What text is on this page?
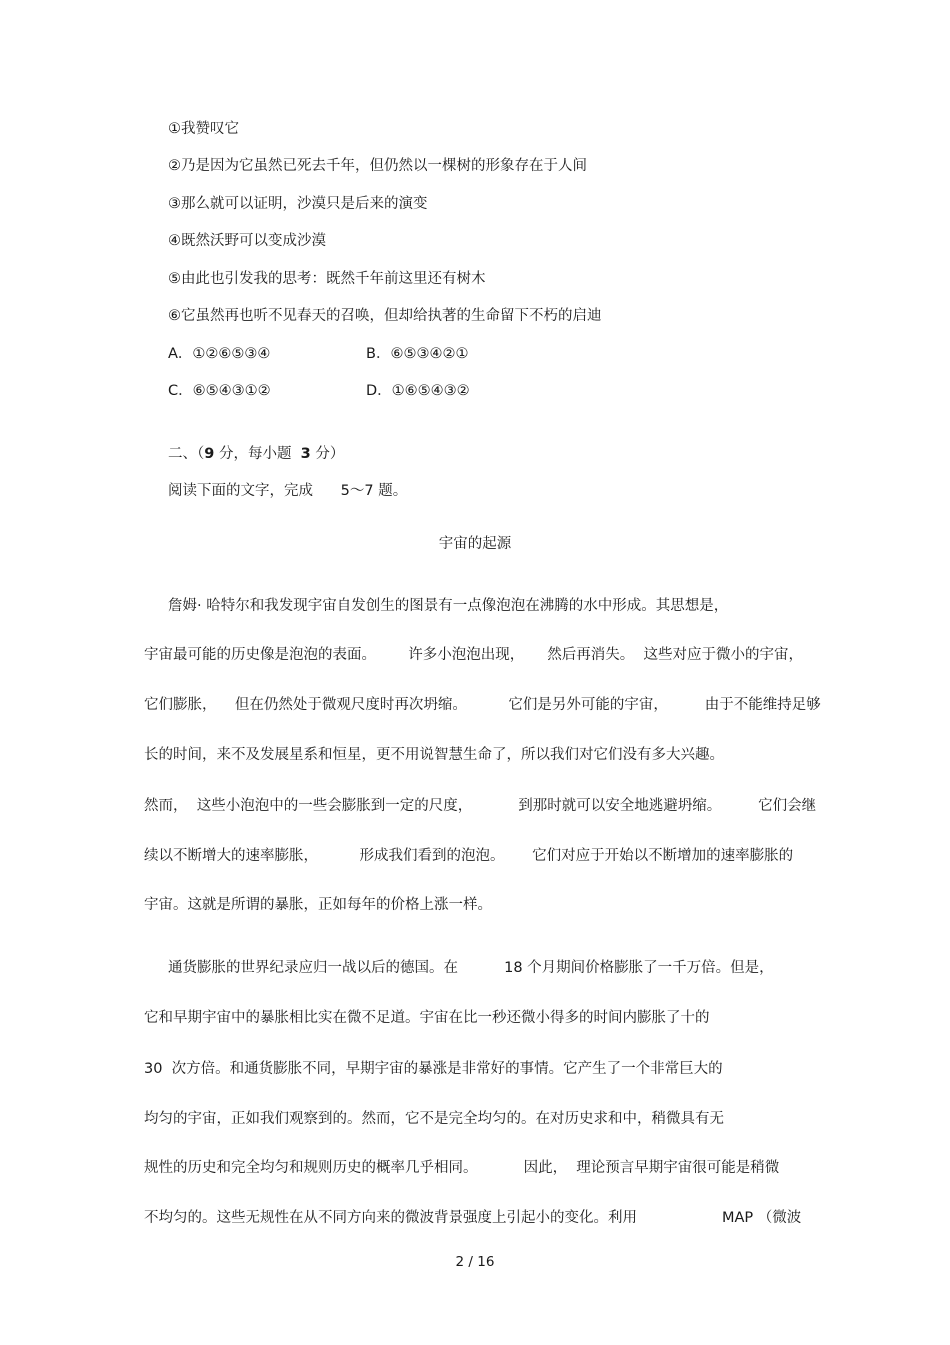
①我赞叹它
②乃是因为它虽然已死去千年，但仍然以一棵树的形象存在于人间
③那么就可以证明，沙漠只是后来的演变
④既然沃野可以变成沙漠
⑤由此也引发我的思考：既然千年前这里还有树木
⑥它虽然再也听不见春天的召唤，但却给执著的生命留下不朽的启迪
A．①②⑥⑤③④	B．⑥⑤③④②①
C．⑥⑤④③①②	D．①⑥⑤④③②
二、（9 分，每小题  3 分）
阅读下面的文字，完成      5～7 题。
宇宙的起源
詹姆· 哈特尔和我发现宇宙自发创生的图景有一点像泡泡在沸腾的水中形成。其思想是，
宇宙最可能的历史像是泡泡的表面。       许多小泡泡出现，     然后再消失。  这些对应于微小的宇宙，
它们膨胀，    但在仍然处于微观尺度时再次坍缩。         它们是另外可能的宇宙，        由于不能维持足够
长的时间，来不及发展星系和恒星，更不用说智慧生命了，所以我们对它们没有多大兴趣。
然而，  这些小泡泡中的一些会膨胀到一定的尺度，          到那时就可以安全地逃避坍缩。        它们会继
续以不断增大的速率膨胀，         形成我们看到的泡泡。      它们对应于开始以不断增加的速率膨胀的
宇宙。这就是所谓的暴胀，正如每年的价格上涨一样。
通货膨胀的世界纪录应归一战以后的德国。在          18 个月期间价格膨胀了一千万倍。但是，
它和早期宇宙中的暴胀相比实在微不足道。宇宙在比一秒还微小得多的时间内膨胀了十的
30  次方倍。和通货膨胀不同，早期宇宙的暴涨是非常好的事情。它产生了一个非常巨大的
均匀的宇宙，正如我们观察到的。然而，它不是完全均匀的。在对历史求和中，稍微具有无
规性的历史和完全均匀和规则历史的概率几乎相同。          因此，  理论预言早期宇宙很可能是稍微
不均匀的。这些无规性在从不同方向来的微波背景强度上引起小的变化。利用	MAP （微波
2 / 16
